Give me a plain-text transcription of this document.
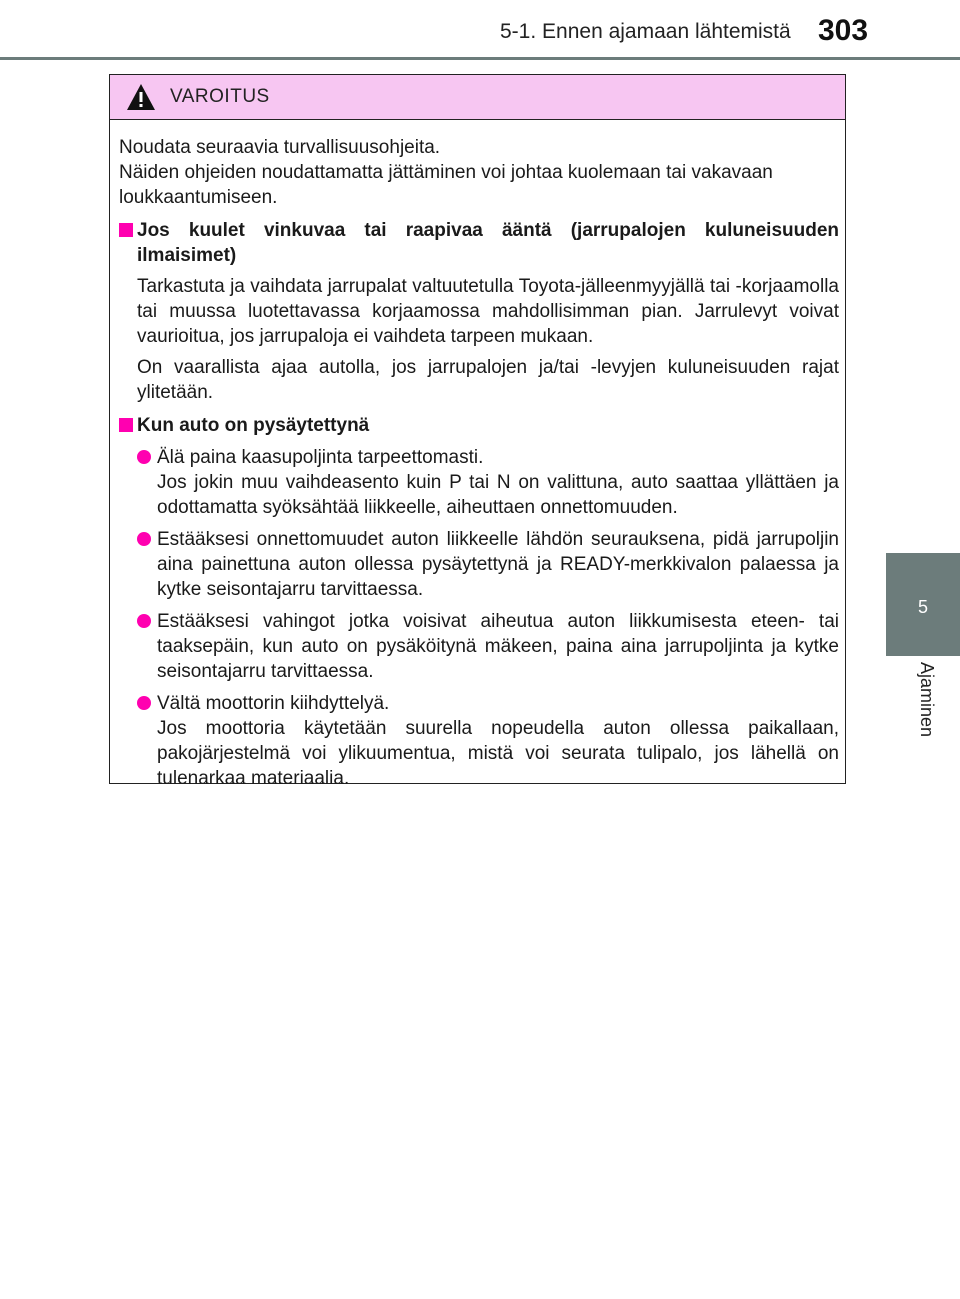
5-1. Ennen ajamaan lähtemistä 303
5
Ajaminen
VAROITUS
Noudata seuraavia turvallisuusohjeita.
Näiden ohjeiden noudattamatta jättäminen voi johtaa kuolemaan tai vakavaan loukkaantumiseen.
Jos kuulet vinkuvaa tai raapivaa ääntä (jarrupalojen kuluneisuuden ilmaisimet)
Tarkastuta ja vaihdata jarrupalat valtuutetulla Toyota-jälleenmyyjällä tai -korjaamolla tai muussa luotettavassa korjaamossa mahdollisimman pian. Jarrulevyt voivat vaurioitua, jos jarrupaloja ei vaihdeta tarpeen mukaan.
On vaarallista ajaa autolla, jos jarrupalojen ja/tai -levyjen kuluneisuuden rajat ylitetään.
Kun auto on pysäytettynä
Älä paina kaasupoljinta tarpeettomasti.
Jos jokin muu vaihdeasento kuin P tai N on valittuna, auto saattaa yllättäen ja odottamatta syöksähtää liikkeelle, aiheuttaen onnettomuuden.
Estääksesi onnettomuudet auton liikkeelle lähdön seurauksena, pidä jarrupoljin aina painettuna auton ollessa pysäytettynä ja READY-merkkivalon palaessa ja kytke seisontajarru tarvittaessa.
Estääksesi vahingot jotka voisivat aiheutua auton liikkumisesta eteen- tai taaksepäin, kun auto on pysäköitynä mäkeen, paina aina jarrupoljinta ja kytke seisontajarru tarvittaessa.
Vältä moottorin kiihdyttelyä.
Jos moottoria käytetään suurella nopeudella auton ollessa paikallaan, pakojärjestelmä voi ylikuumentua, mistä voi seurata tulipalo, jos lähellä on tulenarkaa materiaalia.
